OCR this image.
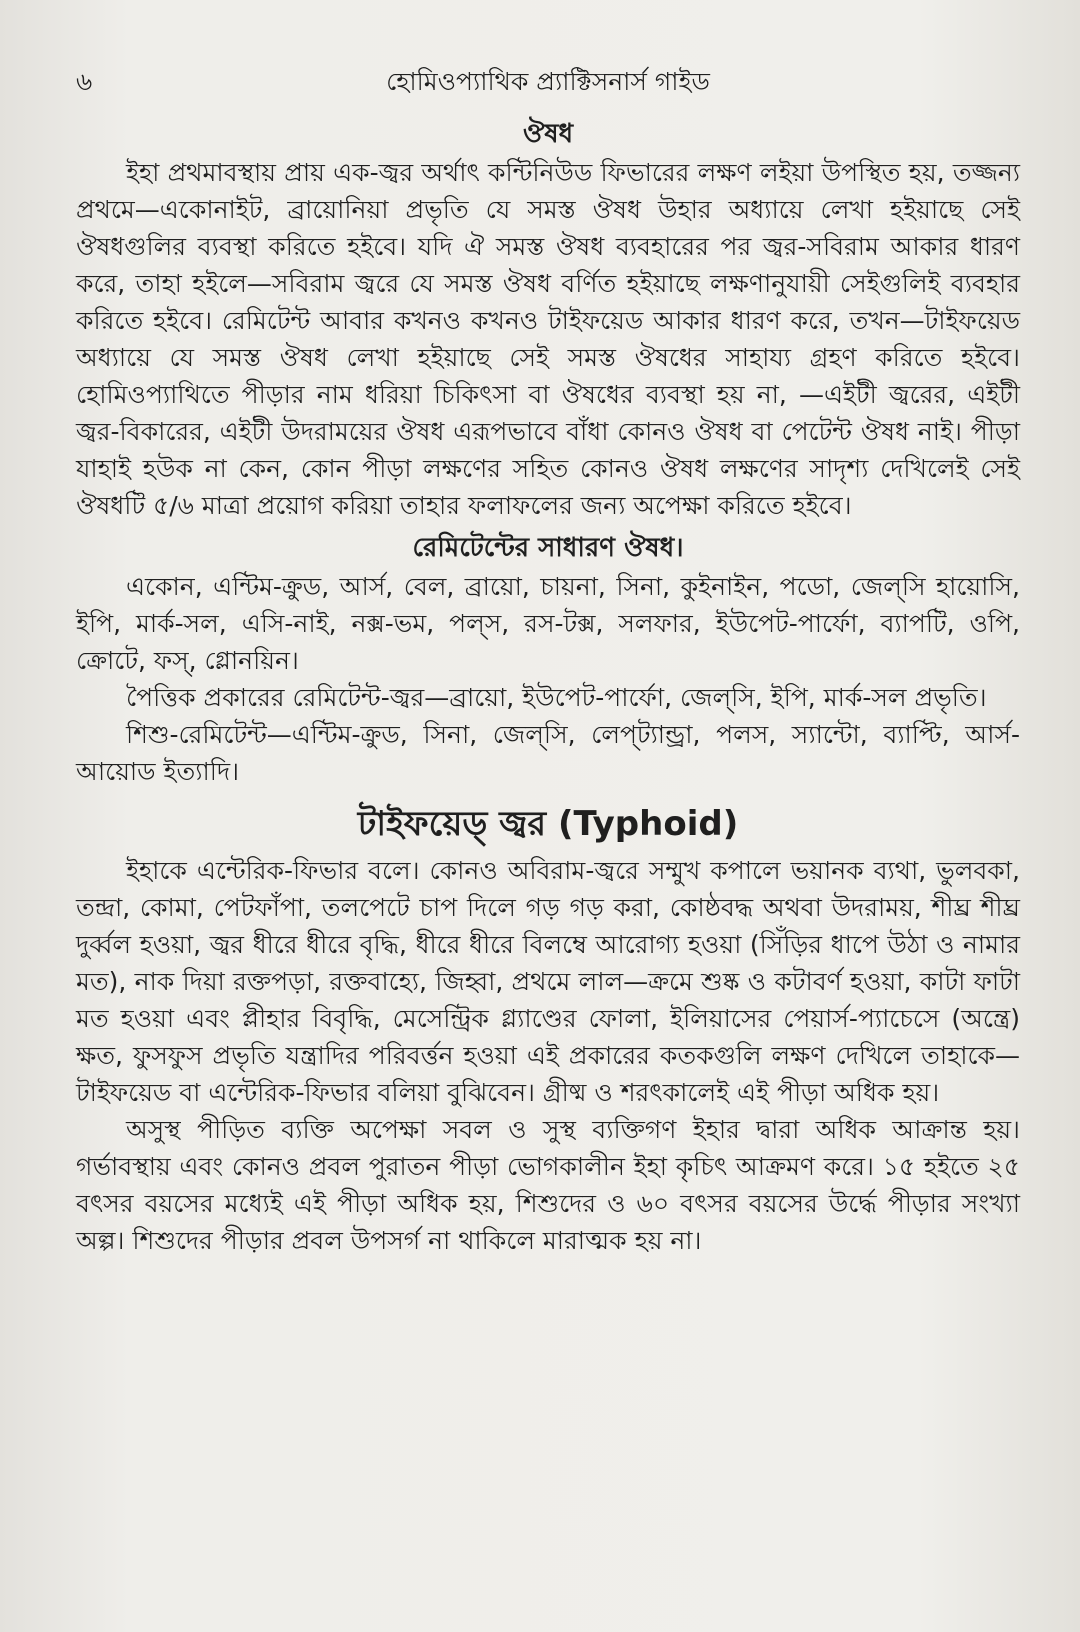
৬	হোমিওপ্যাথিক প্র্যাক্টিসনার্স গাইড
ঔষধ

ইহা প্রথমাবস্থায় প্রায় এক-জ্বর অর্থাৎ কন্টিনিউড ফিভারের লক্ষণ লইয়া উপস্থিত হয়, তজ্জন্য প্রথমে—একোনাইট, ব্রায়োনিয়া প্রভৃতি যে সমস্ত ঔষধ উহার অধ্যায়ে লেখা হইয়াছে সেই ঔষধগুলির ব্যবস্থা করিতে হইবে। যদি ঐ সমস্ত ঔষধ ব্যবহারের পর জ্বর-সবিরাম আকার ধারণ করে, তাহা হইলে—সবিরাম জ্বরে যে সমস্ত ঔষধ বর্ণিত হইয়াছে লক্ষণানুযায়ী সেইগুলিই ব্যবহার করিতে হইবে। রেমিটেন্ট আবার কখনও কখনও টাইফয়েড আকার ধারণ করে, তখন—টাইফয়েড অধ্যায়ে যে সমস্ত ঔষধ লেখা হইয়াছে সেই সমস্ত ঔষধের সাহায্য গ্রহণ করিতে হইবে। হোমিওপ্যাথিতে পীড়ার নাম ধরিয়া চিকিৎসা বা ঔষধের ব্যবস্থা হয় না, —এইটী জ্বরের, এইটী জ্বর-বিকারের, এইটী উদরাময়ের ঔষধ এরূপভাবে বাঁধা কোনও ঔষধ বা পেটেন্ট ঔষধ নাই। পীড়া যাহাই হউক না কেন, কোন পীড়া লক্ষণের সহিত কোনও ঔষধ লক্ষণের সাদৃশ্য দেখিলেই সেই ঔষধটি ৫/৬ মাত্রা প্রয়োগ করিয়া তাহার ফলাফলের জন্য অপেক্ষা করিতে হইবে।

রেমিটেন্টের সাধারণ ঔষধ।

একোন, এন্টিম-ক্রুড, আর্স, বেল, ব্রায়ো, চায়না, সিনা, কুইনাইন, পডো, জেল্‌সি হায়োসি, ইপি, মার্ক-সল, এসি-নাই, নক্স-ভম, পল্‌স, রস-টক্স, সলফার, ইউপেট-পার্ফো, ব্যাপটি, ওপি, ক্রোটে, ফস্‌, গ্লোনয়িন।

পৈত্তিক প্রকারের রেমিটেন্ট-জ্বর—ব্রায়ো, ইউপেট-পার্ফো, জেল্‌সি, ইপি, মার্ক-সল প্রভৃতি।

শিশু-রেমিটেন্ট—এন্টিম-ক্রুড, সিনা, জেল্‌সি, লেপ্‌ট্যান্ড্রা, পলস, স্যান্টো, ব্যাপ্টি, আর্স-আয়োড ইত্যাদি।

টাইফয়েড্‌ জ্বর (Typhoid)

ইহাকে এন্টেরিক-ফিভার বলে। কোনও অবিরাম-জ্বরে সম্মুখ কপালে ভয়ানক ব্যথা, ভুলবকা, তন্দ্রা, কোমা, পেটফাঁপা, তলপেটে চাপ দিলে গড় গড় করা, কোষ্ঠবদ্ধ অথবা উদরাময়, শীঘ্র শীঘ্র দুর্ব্বল হওয়া, জ্বর ধীরে ধীরে বৃদ্ধি, ধীরে ধীরে বিলম্বে আরোগ্য হওয়া (সিঁড়ির ধাপে উঠা ও নামার মত), নাক দিয়া রক্তপড়া, রক্তবাহ্যে, জিহ্বা, প্রথমে লাল—ক্রমে শুষ্ক ও কটাবর্ণ হওয়া, কাটা ফাটা মত হওয়া এবং প্লীহার বিবৃদ্ধি, মেসেন্ট্রিক গ্ল্যাণ্ডের ফোলা, ইলিয়াসের পেয়ার্স-প্যাচেসে (অন্ত্রে) ক্ষত, ফুসফুস প্রভৃতি যন্ত্রাদির পরিবর্ত্তন হওয়া এই প্রকারের কতকগুলি লক্ষণ দেখিলে তাহাকে—টাইফয়েড বা এন্টেরিক-ফিভার বলিয়া বুঝিবেন। গ্রীষ্ম ও শরৎকালেই এই পীড়া অধিক হয়।

অসুস্থ পীড়িত ব্যক্তি অপেক্ষা সবল ও সুস্থ ব্যক্তিগণ ইহার দ্বারা অধিক আক্রান্ত হয়। গর্ভাবস্থায় এবং কোনও প্রবল পুরাতন পীড়া ভোগকালীন ইহা কৃচিৎ আক্রমণ করে। ১৫ হইতে ২৫ বৎসর বয়সের মধ্যেই এই পীড়া অধিক হয়, শিশুদের ও ৬০ বৎসর বয়সের উর্দ্ধে পীড়ার সংখ্যা অল্প। শিশুদের পীড়ার প্রবল উপসর্গ না থাকিলে মারাত্মক হয় না।
